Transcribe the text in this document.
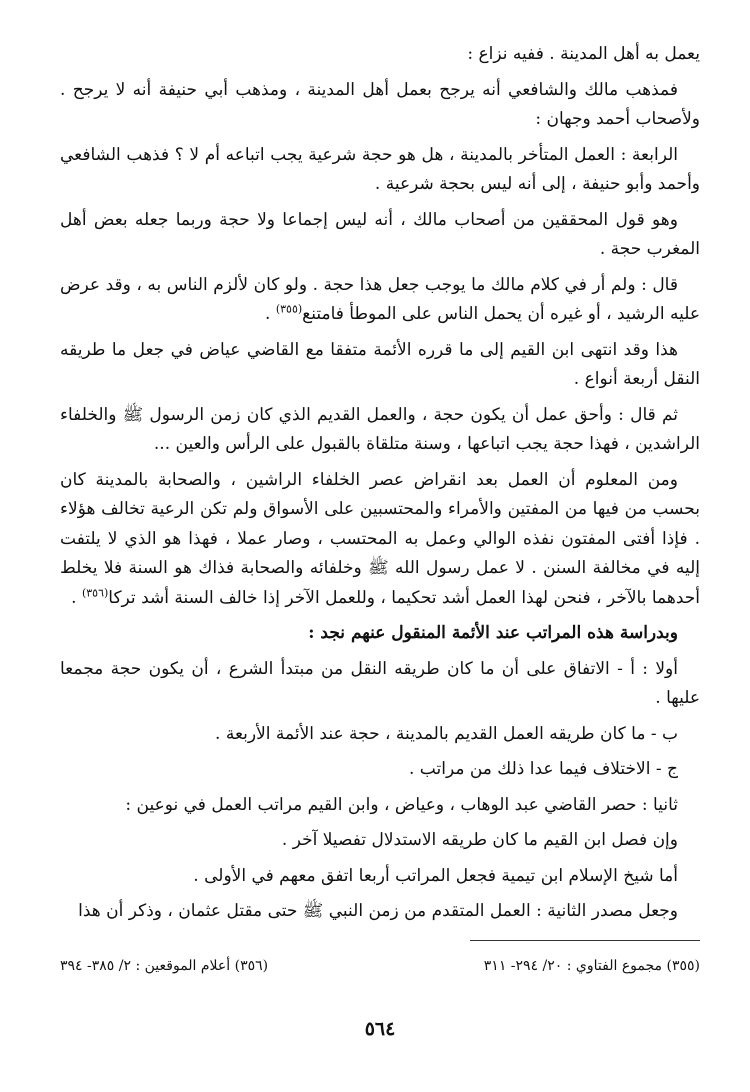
يعمل به أهل المدينة . ففيه نزاع :

فمذهب مالك والشافعي أنه يرجح بعمل أهل المدينة ، ومذهب أبي حنيفة أنه لا يرجح . ولأصحاب أحمد وجهان :

الرابعة : العمل المتأخر بالمدينة ، هل هو حجة شرعية يجب اتباعه أم لا ؟ فذهب الشافعي وأحمد وأبو حنيفة ، إلى أنه ليس بحجة شرعية .

وهو قول المحققين من أصحاب مالك ، أنه ليس إجماعا ولا حجة وربما جعله بعض أهل المغرب حجة .

قال : ولم أر في كلام مالك ما يوجب جعل هذا حجة . ولو كان لألزم الناس به ، وقد عرض عليه الرشيد ، أو غيره أن يحمل الناس على الموطأ فامتنع$^{(٣٥٥)}$ .

هذا وقد انتهى ابن القيم إلى ما قرره الأئمة متفقا مع القاضي عياض في جعل ما طريقه النقل أربعة أنواع .

ثم قال : وأحق عمل أن يكون حجة ، والعمل القديم الذي كان زمن الرسول ﷺ والخلفاء الراشدين ، فهذا حجة يجب اتباعها ، وسنة متلقاة بالقبول على الرأس والعين ...

ومن المعلوم أن العمل بعد انقراض عصر الخلفاء الراشين ، والصحابة بالمدينة كان بحسب من فيها من المفتين والأمراء والمحتسبين على الأسواق ولم تكن الرعية تخالف هؤلاء . فإذا أفتى المفتون نفذه الوالي وعمل به المحتسب ، وصار عملا ، فهذا هو الذي لا يلتفت إليه في مخالفة السنن . لا عمل رسول الله ﷺ وخلفائه والصحابة فذاك هو السنة فلا يخلط أحدهما بالآخر ، فنحن لهذا العمل أشد تحكيما ، وللعمل الآخر إذا خالف السنة أشد تركا$^{(٣٥٦)}$ .

وبدراسة هذه المراتب عند الأئمة المنقول عنهم نجد :

أولا : أ - الاتفاق على أن ما كان طريقه النقل من مبتدأ الشرع ، أن يكون حجة مجمعا عليها .

ب - ما كان طريقه العمل القديم بالمدينة ، حجة عند الأئمة الأربعة .

ج - الاختلاف فيما عدا ذلك من مراتب .

ثانيا : حصر القاضي عبد الوهاب ، وعياض ، وابن القيم مراتب العمل في نوعين :

وإن فصل ابن القيم ما كان طريقه الاستدلال تفصيلا آخر .

أما شيخ الإسلام ابن تيمية فجعل المراتب أربعا اتفق معهم في الأولى .

وجعل مصدر الثانية : العمل المتقدم من زمن النبي ﷺ حتى مقتل عثمان ، وذكر أن هذا

(٣٥٥) مجموع الفتاوي : ٢٠/ ٢٩٤- ٣١١
(٣٥٦) أعلام الموقعين : ٢/ ٣٨٥- ٣٩٤
٥٦٤
